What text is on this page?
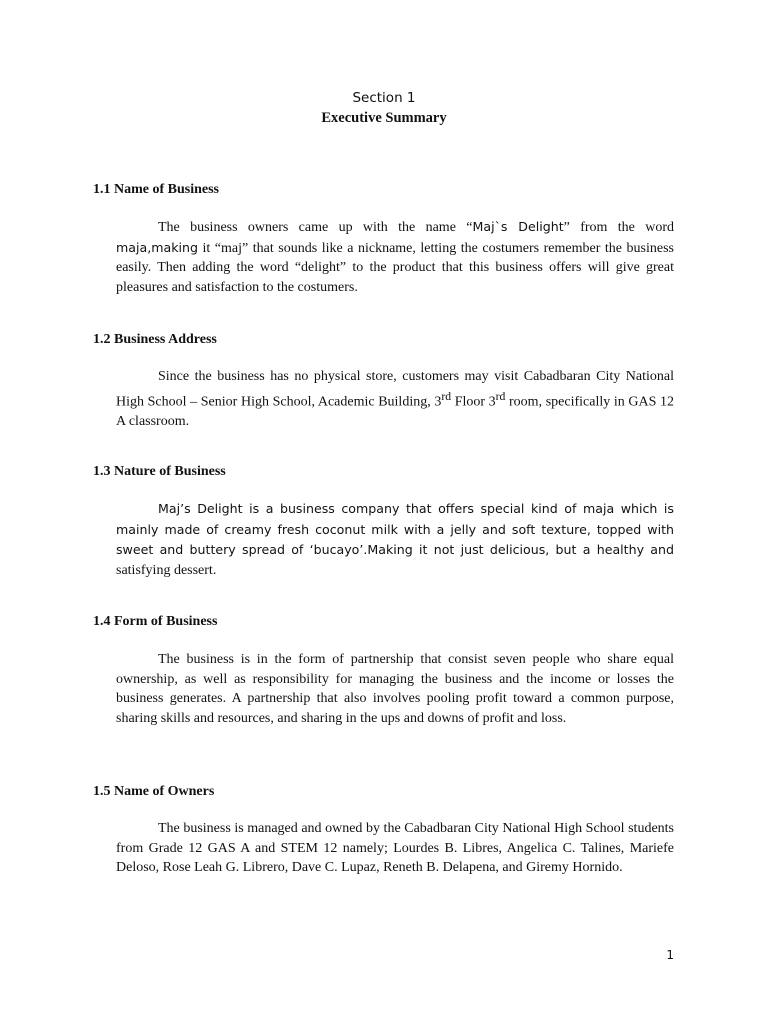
Section 1
Executive Summary
1.1 Name of Business

The business owners came up with the name “Maj`s Delight” from the word maja,making it “maj” that sounds like a nickname, letting the costumers remember the business easily. Then adding the word “delight” to the product that this business offers will give great pleasures and satisfaction to the costumers.

1.2 Business Address

Since the business has no physical store, customers may visit Cabadbaran City National High School – Senior High School, Academic Building, 3rd Floor 3rd room, specifically in GAS 12 A classroom.

1.3 Nature of Business

Maj’s Delight is a business company that offers special kind of maja which is mainly made of creamy fresh coconut milk with a jelly and soft texture, topped with sweet and buttery spread of ‘bucayo’.Making it not just delicious, but a healthy and satisfying dessert.

1.4 Form of Business

The business is in the form of partnership that consist seven people who share equal ownership, as well as responsibility for managing the business and the income or losses the business generates. A partnership that also involves pooling profit toward a common purpose, sharing skills and resources, and sharing in the ups and downs of profit and loss.

1.5 Name of Owners

The business is managed and owned by the Cabadbaran City National High School students from Grade 12 GAS A and STEM 12 namely; Lourdes B. Libres, Angelica C. Talines, Mariefe Deloso, Rose Leah G. Librero, Dave C. Lupaz, Reneth B. Delapena, and Giremy Hornido.

1
